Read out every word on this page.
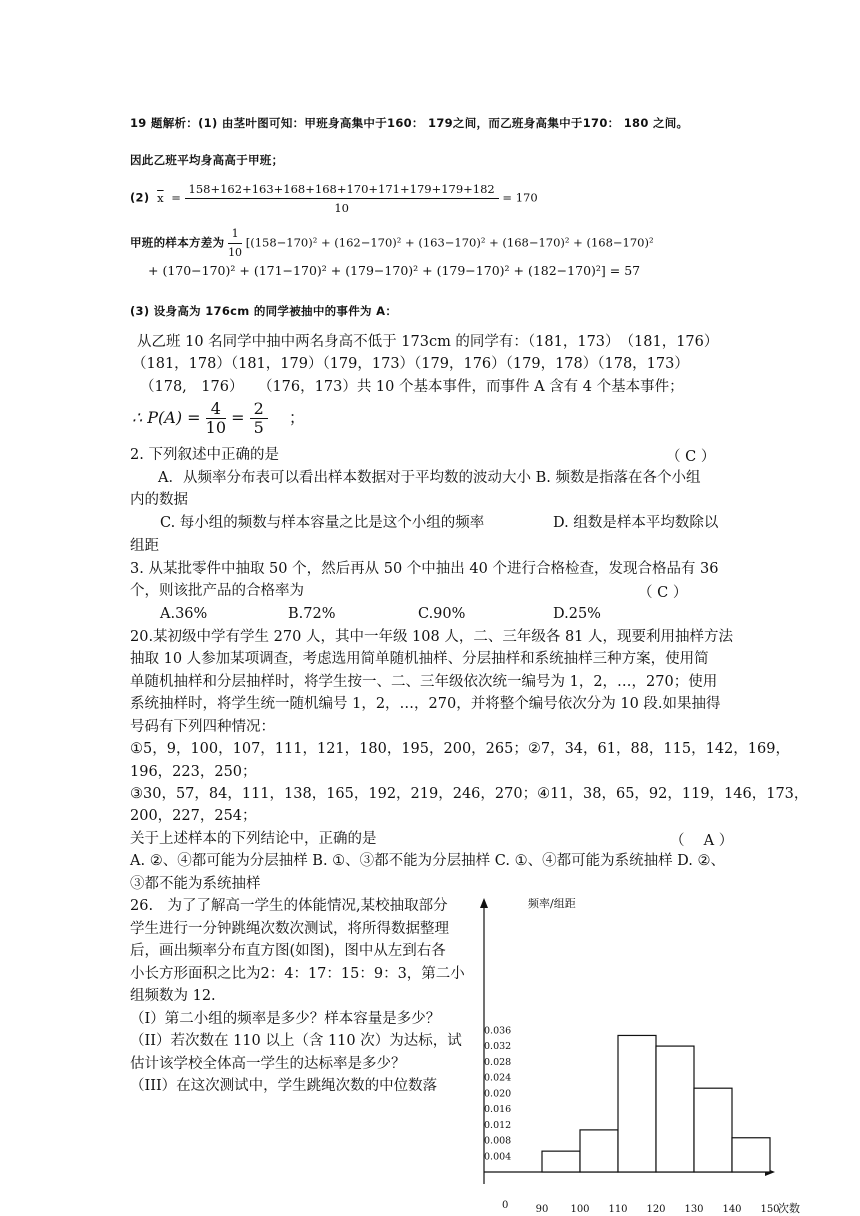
19 题解析：(1) 由茎叶图可知：甲班身高集中于160： 179之间，而乙班身高集中于170： 180 之间。
因此乙班平均身高高于甲班；
(2) $\overline{x} = \frac{158+162+163+168+168+170+171+179+179+182}{10} = 170$
甲班的样本方差为 $\frac{1}{10} [(158-170)^2 + (162-170)^2 + (163-170)^2 + (168-170)^2 + (168-170)^2$
+ (170−170)² + (171−170)² + (179−170)² + (179−170)² + (182−170)²] = 57
(3) 设身高为 176cm 的同学被抽中的事件为 A：
从乙班 10 名同学中抽中两名身高不低于 173cm 的同学有：（181，173）　（181，176）
（181，178）（181，179）（179，173）（179，176）（179，178）（178，173）
（178,　176）　　（176，173）共 10 个基本事件，而事件 A 含有 4 个基本事件；
∴ $P(A) = \frac{4}{10} = \frac{2}{5}$ ；
2. 下列叙述中正确的是	（ C ）
A．从频率分布表可以看出样本数据对于平均数的波动大小 B. 频数是指落在各个小组
内的数据
C. 每小组的频数与样本容量之比是这个小组的频率	D. 组数是样本平均数除以
组距
3. 从某批零件中抽取 50 个，然后再从 50 个中抽出 40 个进行合格检查，发现合格品有 36
个，则该批产品的合格率为	（ C ）
A.36%	B.72%	C.90%	D.25%
20.某初级中学有学生 270 人，其中一年级 108 人，二、三年级各 81 人，现要利用抽样方法
抽取 10 人参加某项调查，考虑选用简单随机抽样、分层抽样和系统抽样三种方案，使用简
单随机抽样和分层抽样时，将学生按一、二、三年级依次统一编号为 1，2，…，270；使用
系统抽样时，将学生统一随机编号 1，2，…，270，并将整个编号依次分为 10 段.如果抽得
号码有下列四种情况：
①5，9，100，107，111，121，180，195，200，265；②7，34，61，88，115，142，169，
196，223，250；
③30，57，84，111，138，165，192，219，246，270；④11，38，65，92，119，146，173，
200，227，254；
关于上述样本的下列结论中，正确的是	（　 A ）
A. ②、④都可能为分层抽样 B. ①、③都不能为分层抽样 C. ①、④都可能为系统抽样 D. ②、
③都不能为系统抽样
26.　为了了解高一学生的体能情况,某校抽取部分
学生进行一分钟跳绳次数次测试，将所得数据整理
后，画出频率分布直方图(如图)，图中从左到右各
小长方形面积之比为2：4：17：15：9：3，第二小
组频数为 12.
（I）第二小组的频率是多少？样本容量是多少？
（II）若次数在 110 以上（含 110 次）为达标，试
估计该学校全体高一学生的达标率是多少？
（III）在这次测试中，学生跳绳次数的中位数落
频率/组距
次数
0
0.004
0.008
0.012
0.016
0.020
0.024
0.028
0.032
0.036
90 100 110 120 130 140 150
